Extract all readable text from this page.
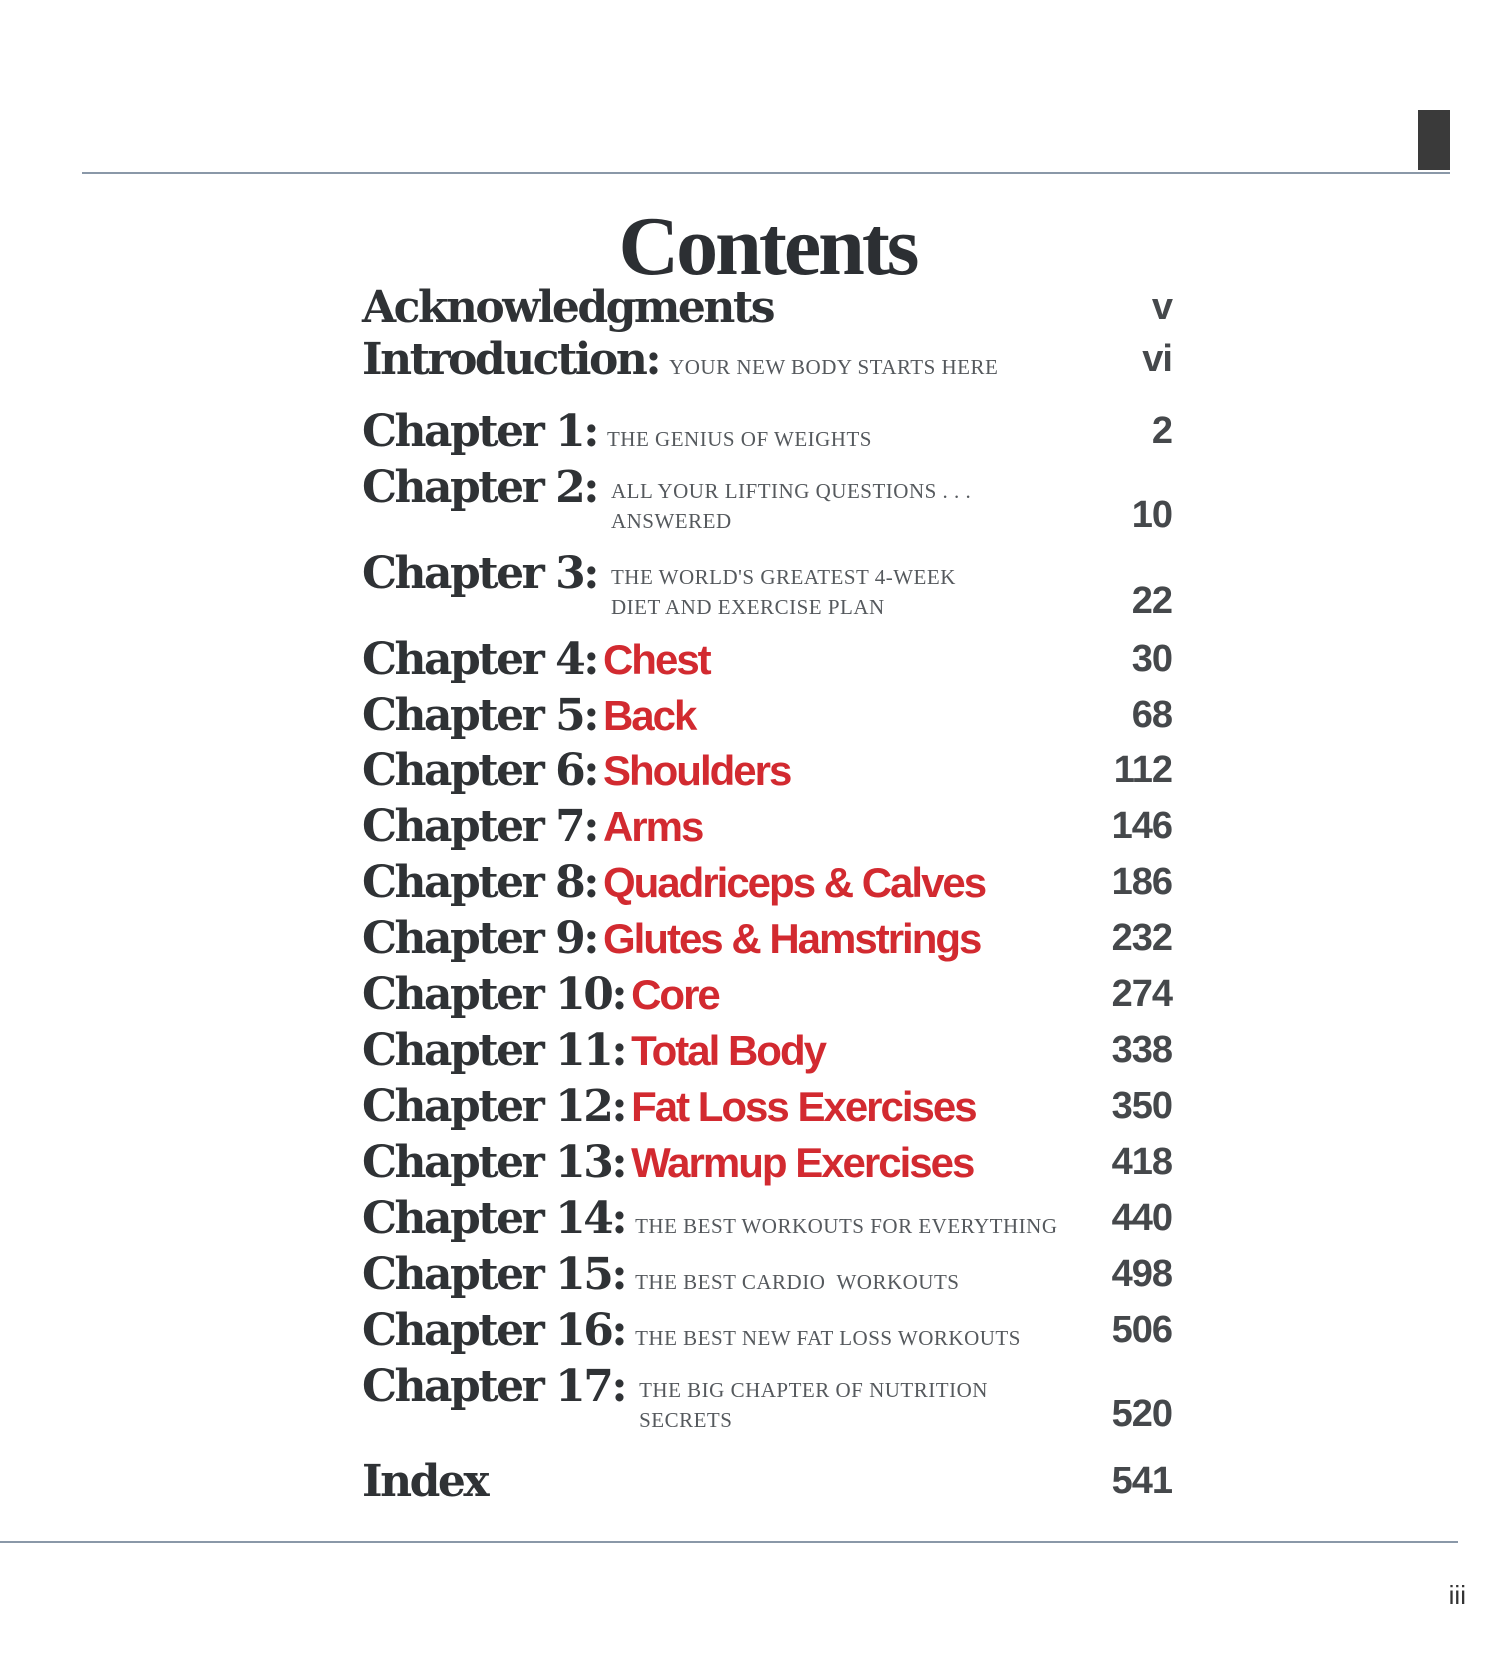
Contents
Acknowledgments	v
Introduction: YOUR NEW BODY STARTS HERE	vi
Chapter 1: THE GENIUS OF WEIGHTS	2
Chapter 2: ALL YOUR LIFTING QUESTIONS . . .
ANSWERED	10
Chapter 3: THE WORLD'S GREATEST 4-WEEK
DIET AND EXERCISE PLAN	22
Chapter 4: Chest	30
Chapter 5: Back	68
Chapter 6: Shoulders	112
Chapter 7: Arms	146
Chapter 8: Quadriceps & Calves	186
Chapter 9: Glutes & Hamstrings	232
Chapter 10: Core	274
Chapter 11: Total Body	338
Chapter 12: Fat Loss Exercises	350
Chapter 13: Warmup Exercises	418
Chapter 14: THE BEST WORKOUTS FOR EVERYTHING 440
Chapter 15: THE BEST CARDIO  WORKOUTS	498
Chapter 16: THE BEST NEW FAT LOSS WORKOUTS 506
Chapter 17: THE BIG CHAPTER OF NUTRITION
SECRETS	520
Index	541
iii
